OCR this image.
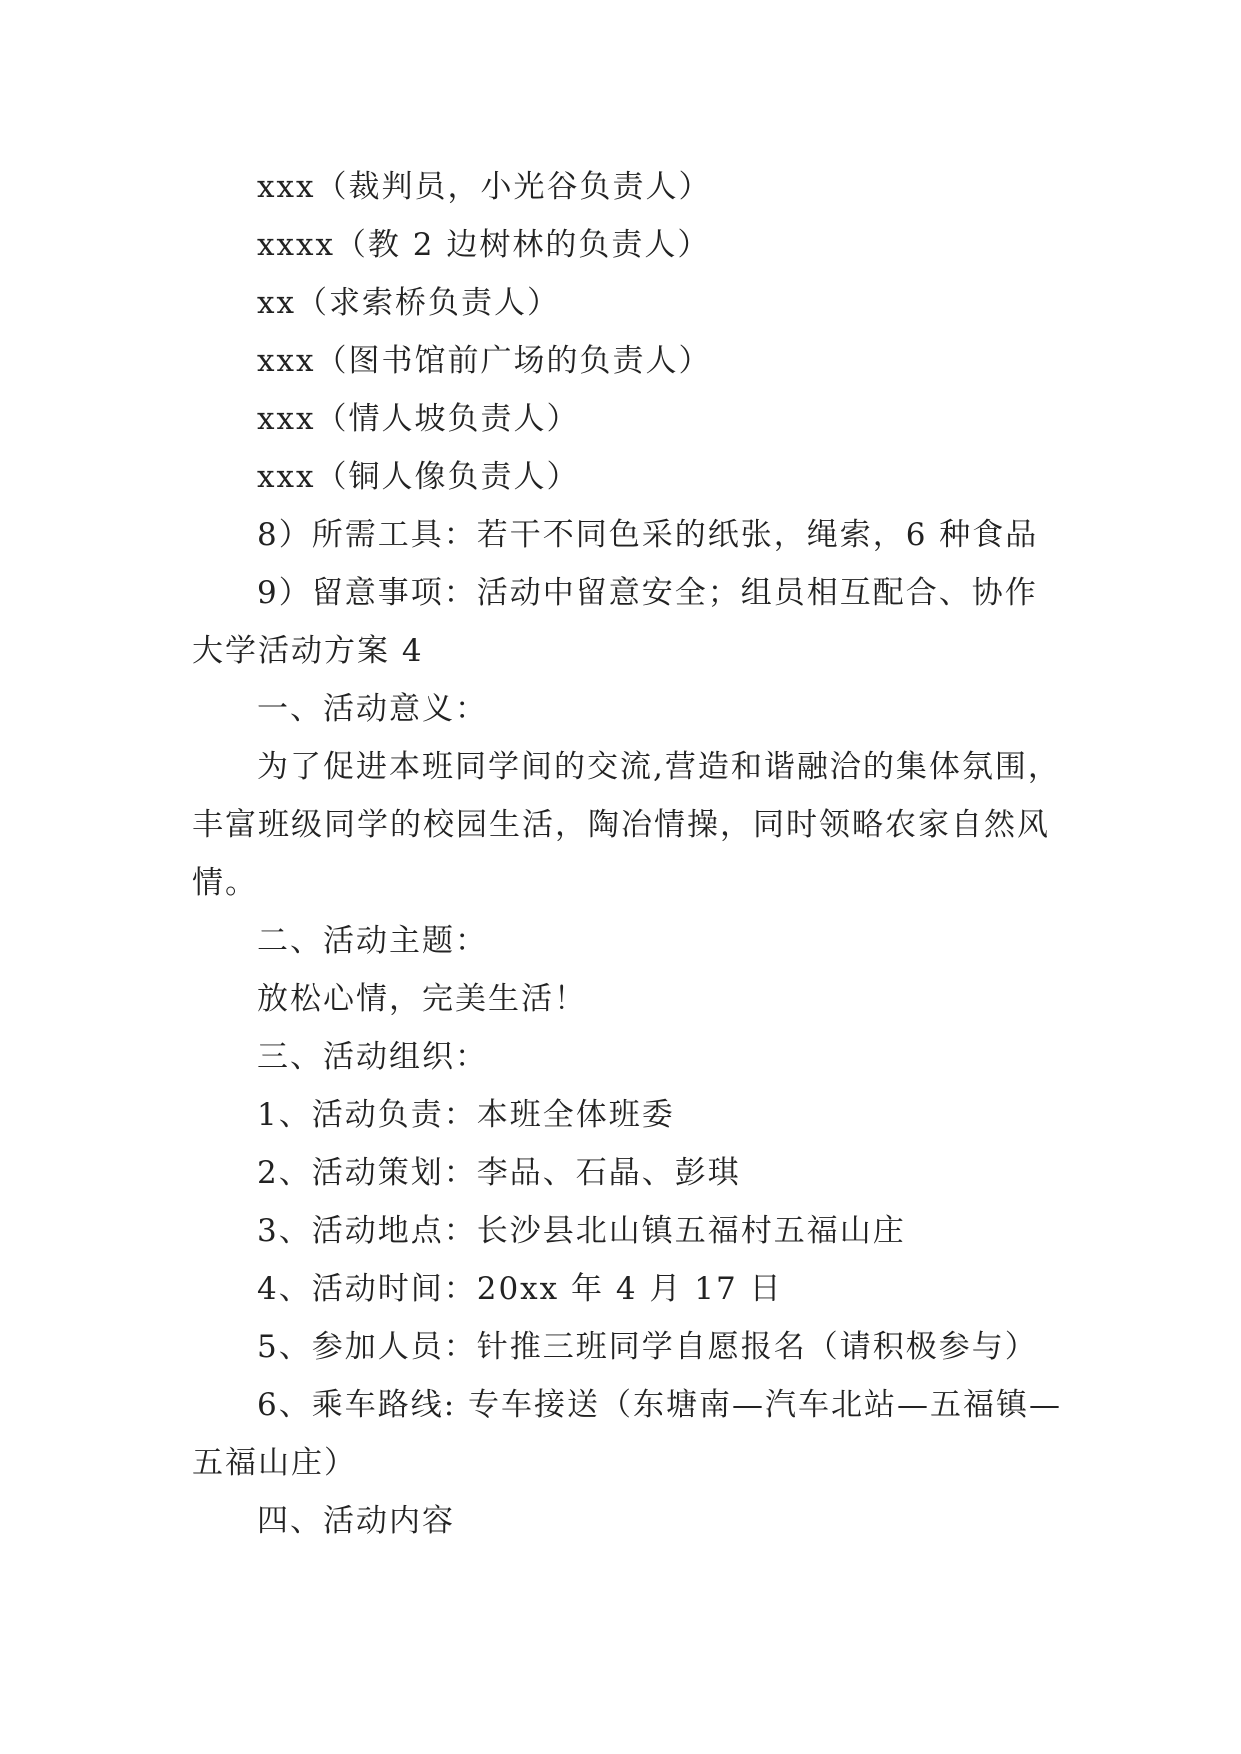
xxx（裁判员，小光谷负责人）
xxxx（教 2 边树林的负责人）
xx（求索桥负责人）
xxx（图书馆前广场的负责人）
xxx（情人坡负责人）
xxx（铜人像负责人）
8）所需工具：若干不同色采的纸张，绳索，6 种食品
9）留意事项：活动中留意安全；组员相互配合、协作
大学活动方案 4
一、活动意义：
为了促进本班同学间的交流,营造和谐融洽的集体氛围，
丰富班级同学的校园生活，陶冶情操，同时领略农家自然风
情。
二、活动主题：
放松心情，完美生活！
三、活动组织：
1、活动负责：本班全体班委
2、活动策划：李品、石晶、彭琪
3、活动地点：长沙县北山镇五福村五福山庄
4、活动时间：20xx 年 4 月 17 日
5、参加人员：针推三班同学自愿报名（请积极参与）
6、乘车路线: 专车接送（东塘南—汽车北站—五福镇—
五福山庄）
四、活动内容
